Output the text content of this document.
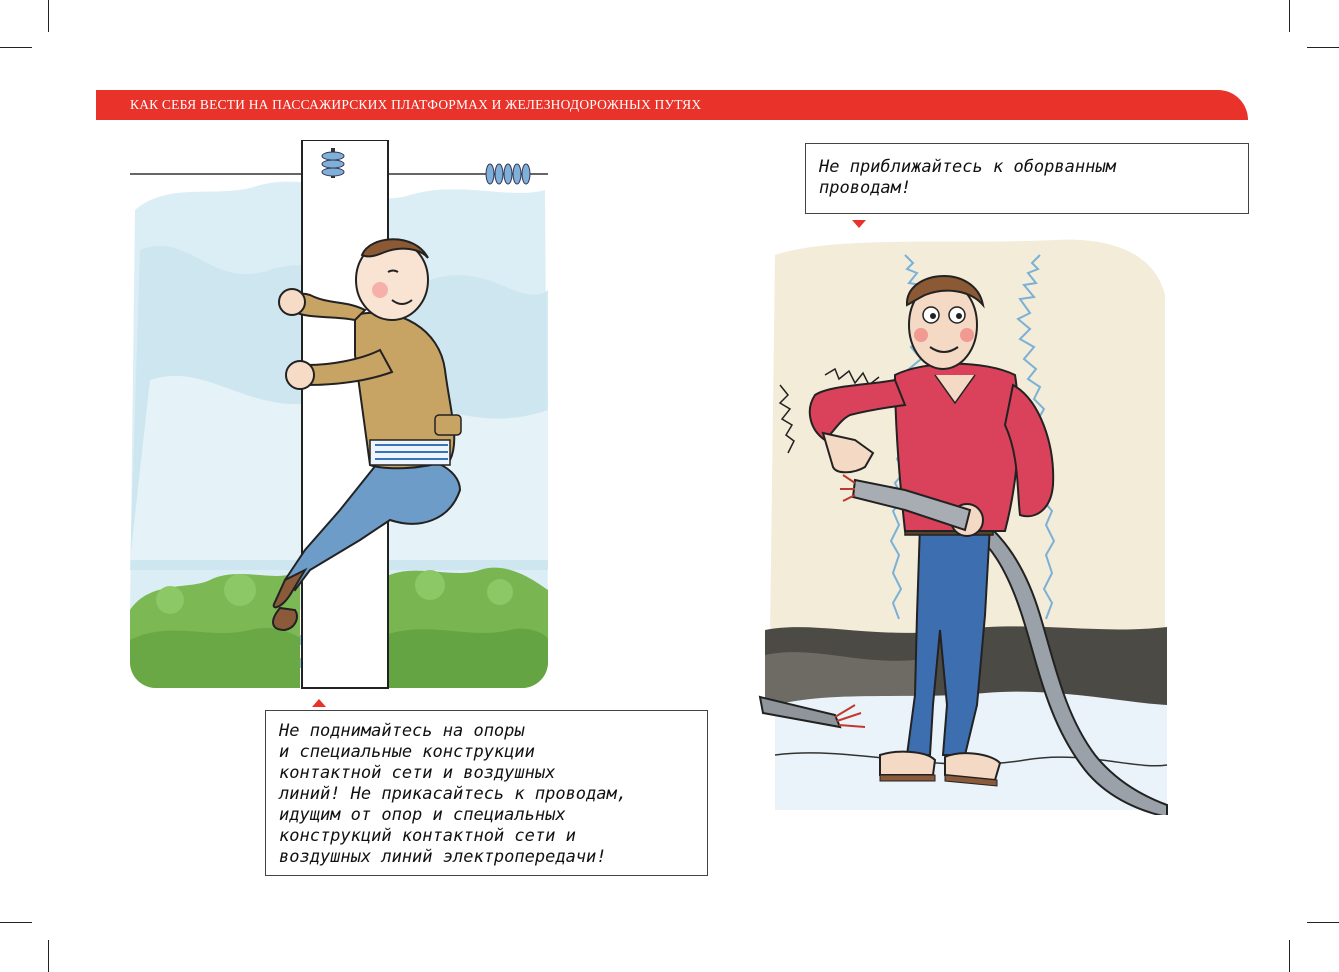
КАК СЕБЯ ВЕСТИ НА ПАССАЖИРСКИХ ПЛАТФОРМАХ И ЖЕЛЕЗНОДОРОЖНЫХ ПУТЯХ
Не поднимайтесь на опоры
и специальные конструкции
контактной сети и воздушных
линий! Не прикасайтесь к проводам,
идущим от опор и специальных
конструкций контактной сети и
воздушных линий электропередачи!
Не приближайтесь к оборванным
проводам!
